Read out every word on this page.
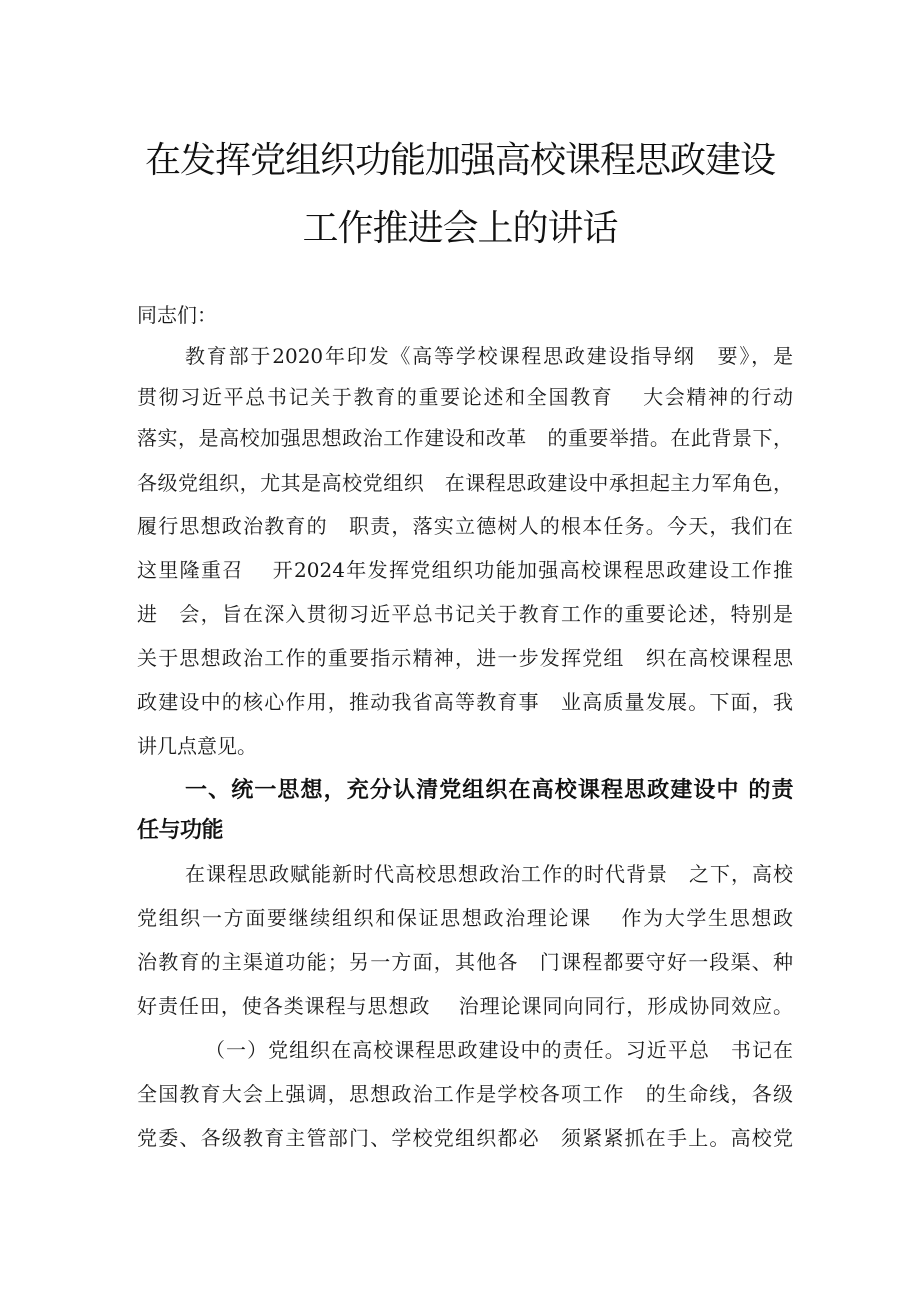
在发挥党组织功能加强高校课程思政建设
工作推进会上的讲话

同志们：

教育部于2020年印发《高等学校课程思政建设指导纲　要》，是

贯彻习近平总书记关于教育的重要论述和全国教育　 大会精神的行动

落实，是高校加强思想政治工作建设和改革　的重要举措。在此背景下，

各级党组织，尤其是高校党组织　在课程思政建设中承担起主力军角色，

履行思想政治教育的　职责，落实立德树人的根本任务。今天，我们在

这里隆重召　 开2024年发挥党组织功能加强高校课程思政建设工作推

进　会，旨在深入贯彻习近平总书记关于教育工作的重要论述，特别是

关于思想政治工作的重要指示精神，进一步发挥党组　织在高校课程思

政建设中的核心作用，推动我省高等教育事　业高质量发展。下面，我

讲几点意见。

一、统一思想，充分认清党组织在高校课程思政建设中 的责
任与功能

在课程思政赋能新时代高校思想政治工作的时代背景　之下，高校

党组织一方面要继续组织和保证思想政治理论课　 作为大学生思想政

治教育的主渠道功能；另一方面，其他各　门课程都要守好一段渠、种

好责任田，使各类课程与思想政　 治理论课同向同行，形成协同效应。

（一）党组织在高校课程思政建设中的责任。习近平总　书记在

全国教育大会上强调，思想政治工作是学校各项工作　的生命线，各级

党委、各级教育主管部门、学校党组织都必　须紧紧抓在手上。高校党
